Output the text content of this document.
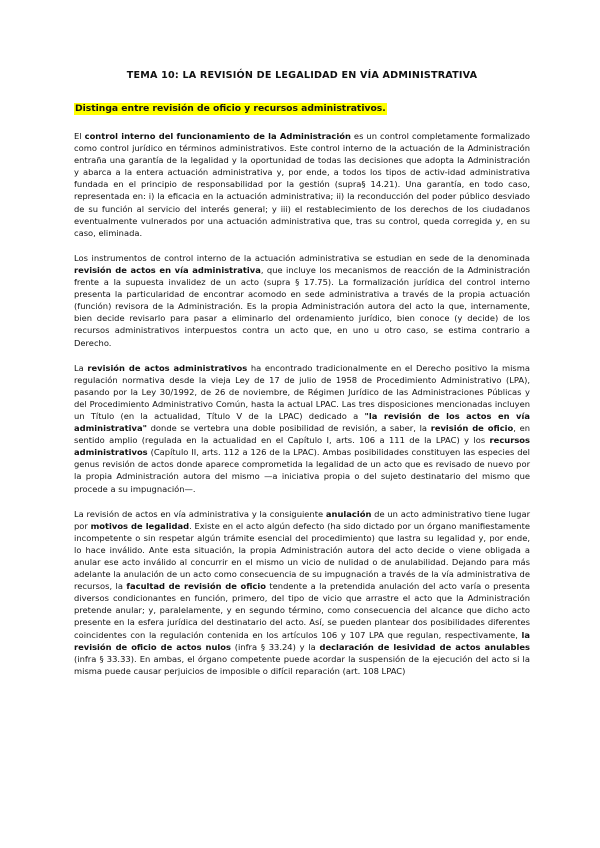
TEMA 10: LA REVISIÓN DE LEGALIDAD EN VÍA ADMINISTRATIVA
Distinga entre revisión de oficio y recursos administrativos.

El control interno del funcionamiento de la Administración es un control completamente formalizado como control jurídico en términos administrativos. Este control interno de la actuación de la Administración entraña una garantía de la legalidad y la oportunidad de todas las decisiones que adopta la Administración y abarca a la entera actuación administrativa y, por ende, a todos los tipos de activ-idad administrativa fundada en el principio de responsabilidad por la gestión (supra§ 14.21). Una garantía, en todo caso, representada en: i) la eficacia en la actuación administrativa; ii) la reconducción del poder público desviado de su función al servicio del interés general; y iii) el restablecimiento de los derechos de los ciudadanos eventualmente vulnerados por una actuación administrativa que, tras su control, queda corregida y, en su caso, eliminada.

Los instrumentos de control interno de la actuación administrativa se estudian en sede de la denominada revisión de actos en vía administrativa, que incluye los mecanismos de reacción de la Administración frente a la supuesta invalidez de un acto (supra § 17.75). La formalización jurídica del control interno presenta la particularidad de encontrar acomodo en sede administrativa a través de la propia actuación (función) revisora de la Administración. Es la propia Administración autora del acto la que, internamente, bien decide revisarlo para pasar a eliminarlo del ordenamiento jurídico, bien conoce (y decide) de los recursos administrativos interpuestos contra un acto que, en uno u otro caso, se estima contrario a Derecho.

La revisión de actos administrativos ha encontrado tradicionalmente en el Derecho positivo la misma regulación normativa desde la vieja Ley de 17 de julio de 1958 de Procedimiento Administrativo (LPA), pasando por la Ley 30/1992, de 26 de noviembre, de Régimen Jurídico de las Administraciones Públicas y del Procedimiento Administrativo Común, hasta la actual LPAC. Las tres disposiciones mencionadas incluyen un Título (en la actualidad, Título V de la LPAC) dedicado a "la revisión de los actos en vía administrativa" donde se vertebra una doble posibilidad de revisión, a saber, la revisión de oficio, en sentido amplio (regulada en la actualidad en el Capítulo I, arts. 106 a 111 de la LPAC) y los recursos administrativos (Capítulo II, arts. 112 a 126 de la LPAC). Ambas posibilidades constituyen las especies del genus revisión de actos donde aparece comprometida la legalidad de un acto que es revisado de nuevo por la propia Administración autora del mismo —a iniciativa propia o del sujeto destinatario del mismo que procede a su impugnación—.

La revisión de actos en vía administrativa y la consiguiente anulación de un acto administrativo tiene lugar por motivos de legalidad. Existe en el acto algún defecto (ha sido dictado por un órgano manifiestamente incompetente o sin respetar algún trámite esencial del procedimiento) que lastra su legalidad y, por ende, lo hace inválido. Ante esta situación, la propia Administración autora del acto decide o viene obligada a anular ese acto inválido al concurrir en el mismo un vicio de nulidad o de anulabilidad. Dejando para más adelante la anulación de un acto como consecuencia de su impugnación a través de la vía administrativa de recursos, la facultad de revisión de oficio tendente a la pretendida anulación del acto varía o presenta diversos condicionantes en función, primero, del tipo de vicio que arrastre el acto que la Administración pretende anular; y, paralelamente, y en segundo término, como consecuencia del alcance que dicho acto presente en la esfera jurídica del destinatario del acto. Así, se pueden plantear dos posibilidades diferentes coincidentes con la regulación contenida en los artículos 106 y 107 LPA que regulan, respectivamente, la revisión de oficio de actos nulos (infra § 33.24) y la declaración de lesividad de actos anulables (infra § 33.33). En ambas, el órgano competente puede acordar la suspensión de la ejecución del acto si la misma puede causar perjuicios de imposible o difícil reparación (art. 108 LPAC)
